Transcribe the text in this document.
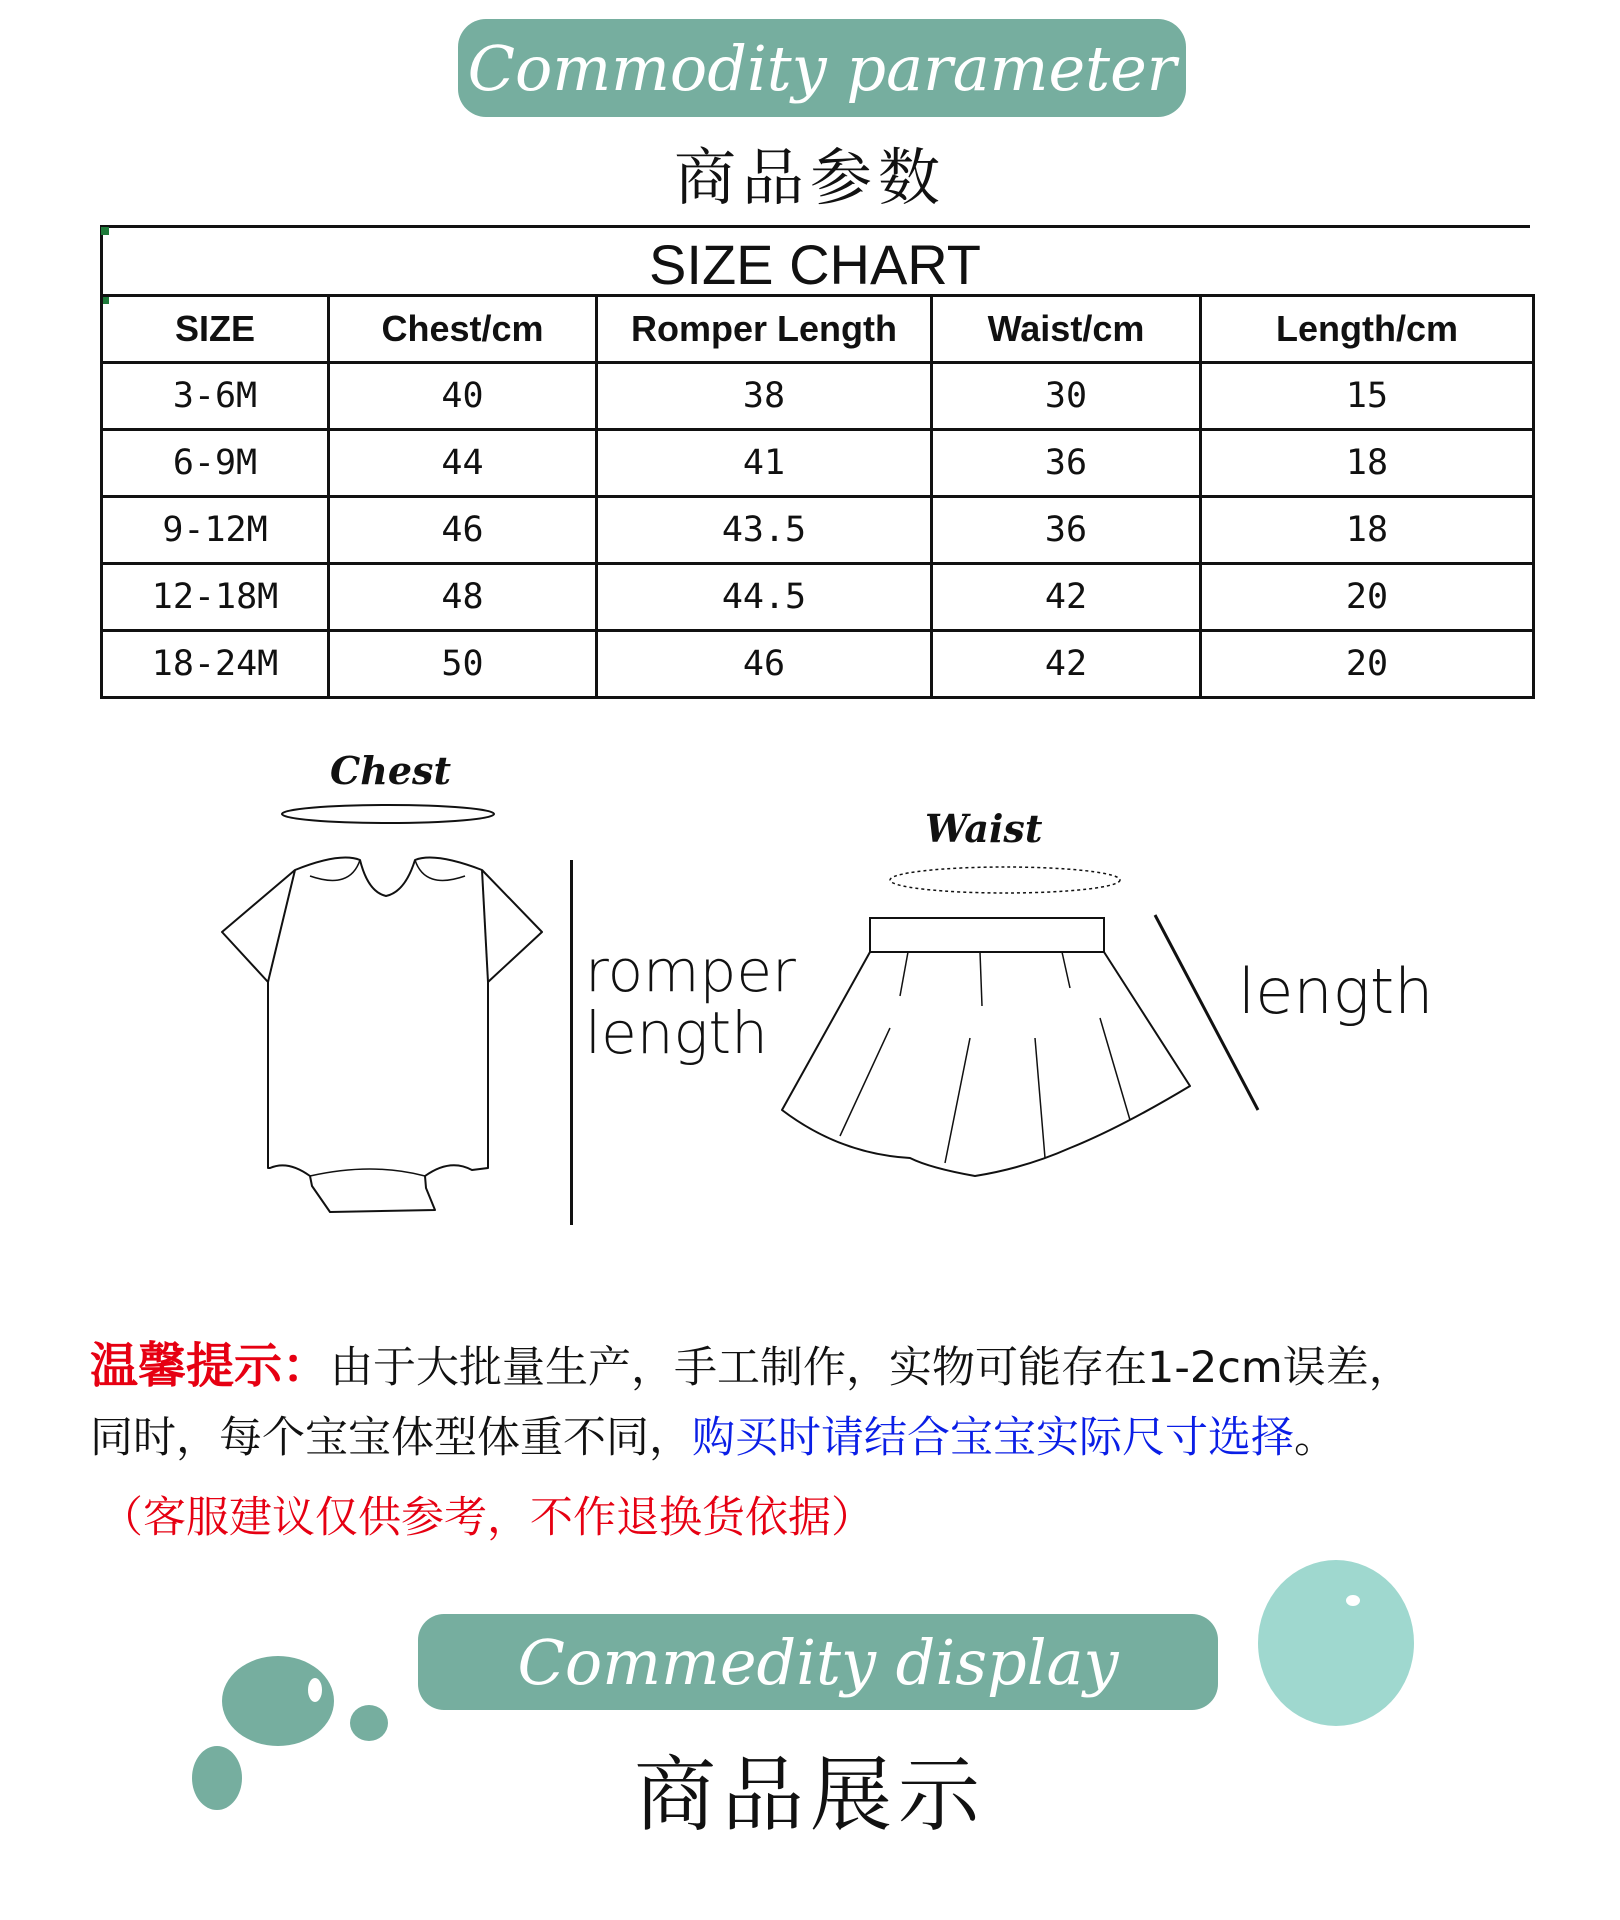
Commodity parameter
商品参数
SIZE CHART
SIZE	Chest/cm	Romper Length	Waist/cm	Length/cm
3-6M	40	38	30	15
6-9M	44	41	36	18
9-12M	46	43.5	36	18
12-18M	48	44.5	42	20
18-24M	50	46	42	20
Chest
Waist
romper
length
length
温馨提示：由于大批量生产，手工制作，实物可能存在1-2cm误差，
同时，每个宝宝体型体重不同，购买时请结合宝宝实际尺寸选择。
（客服建议仅供参考，不作退换货依据）
Commedity display
商品展示
